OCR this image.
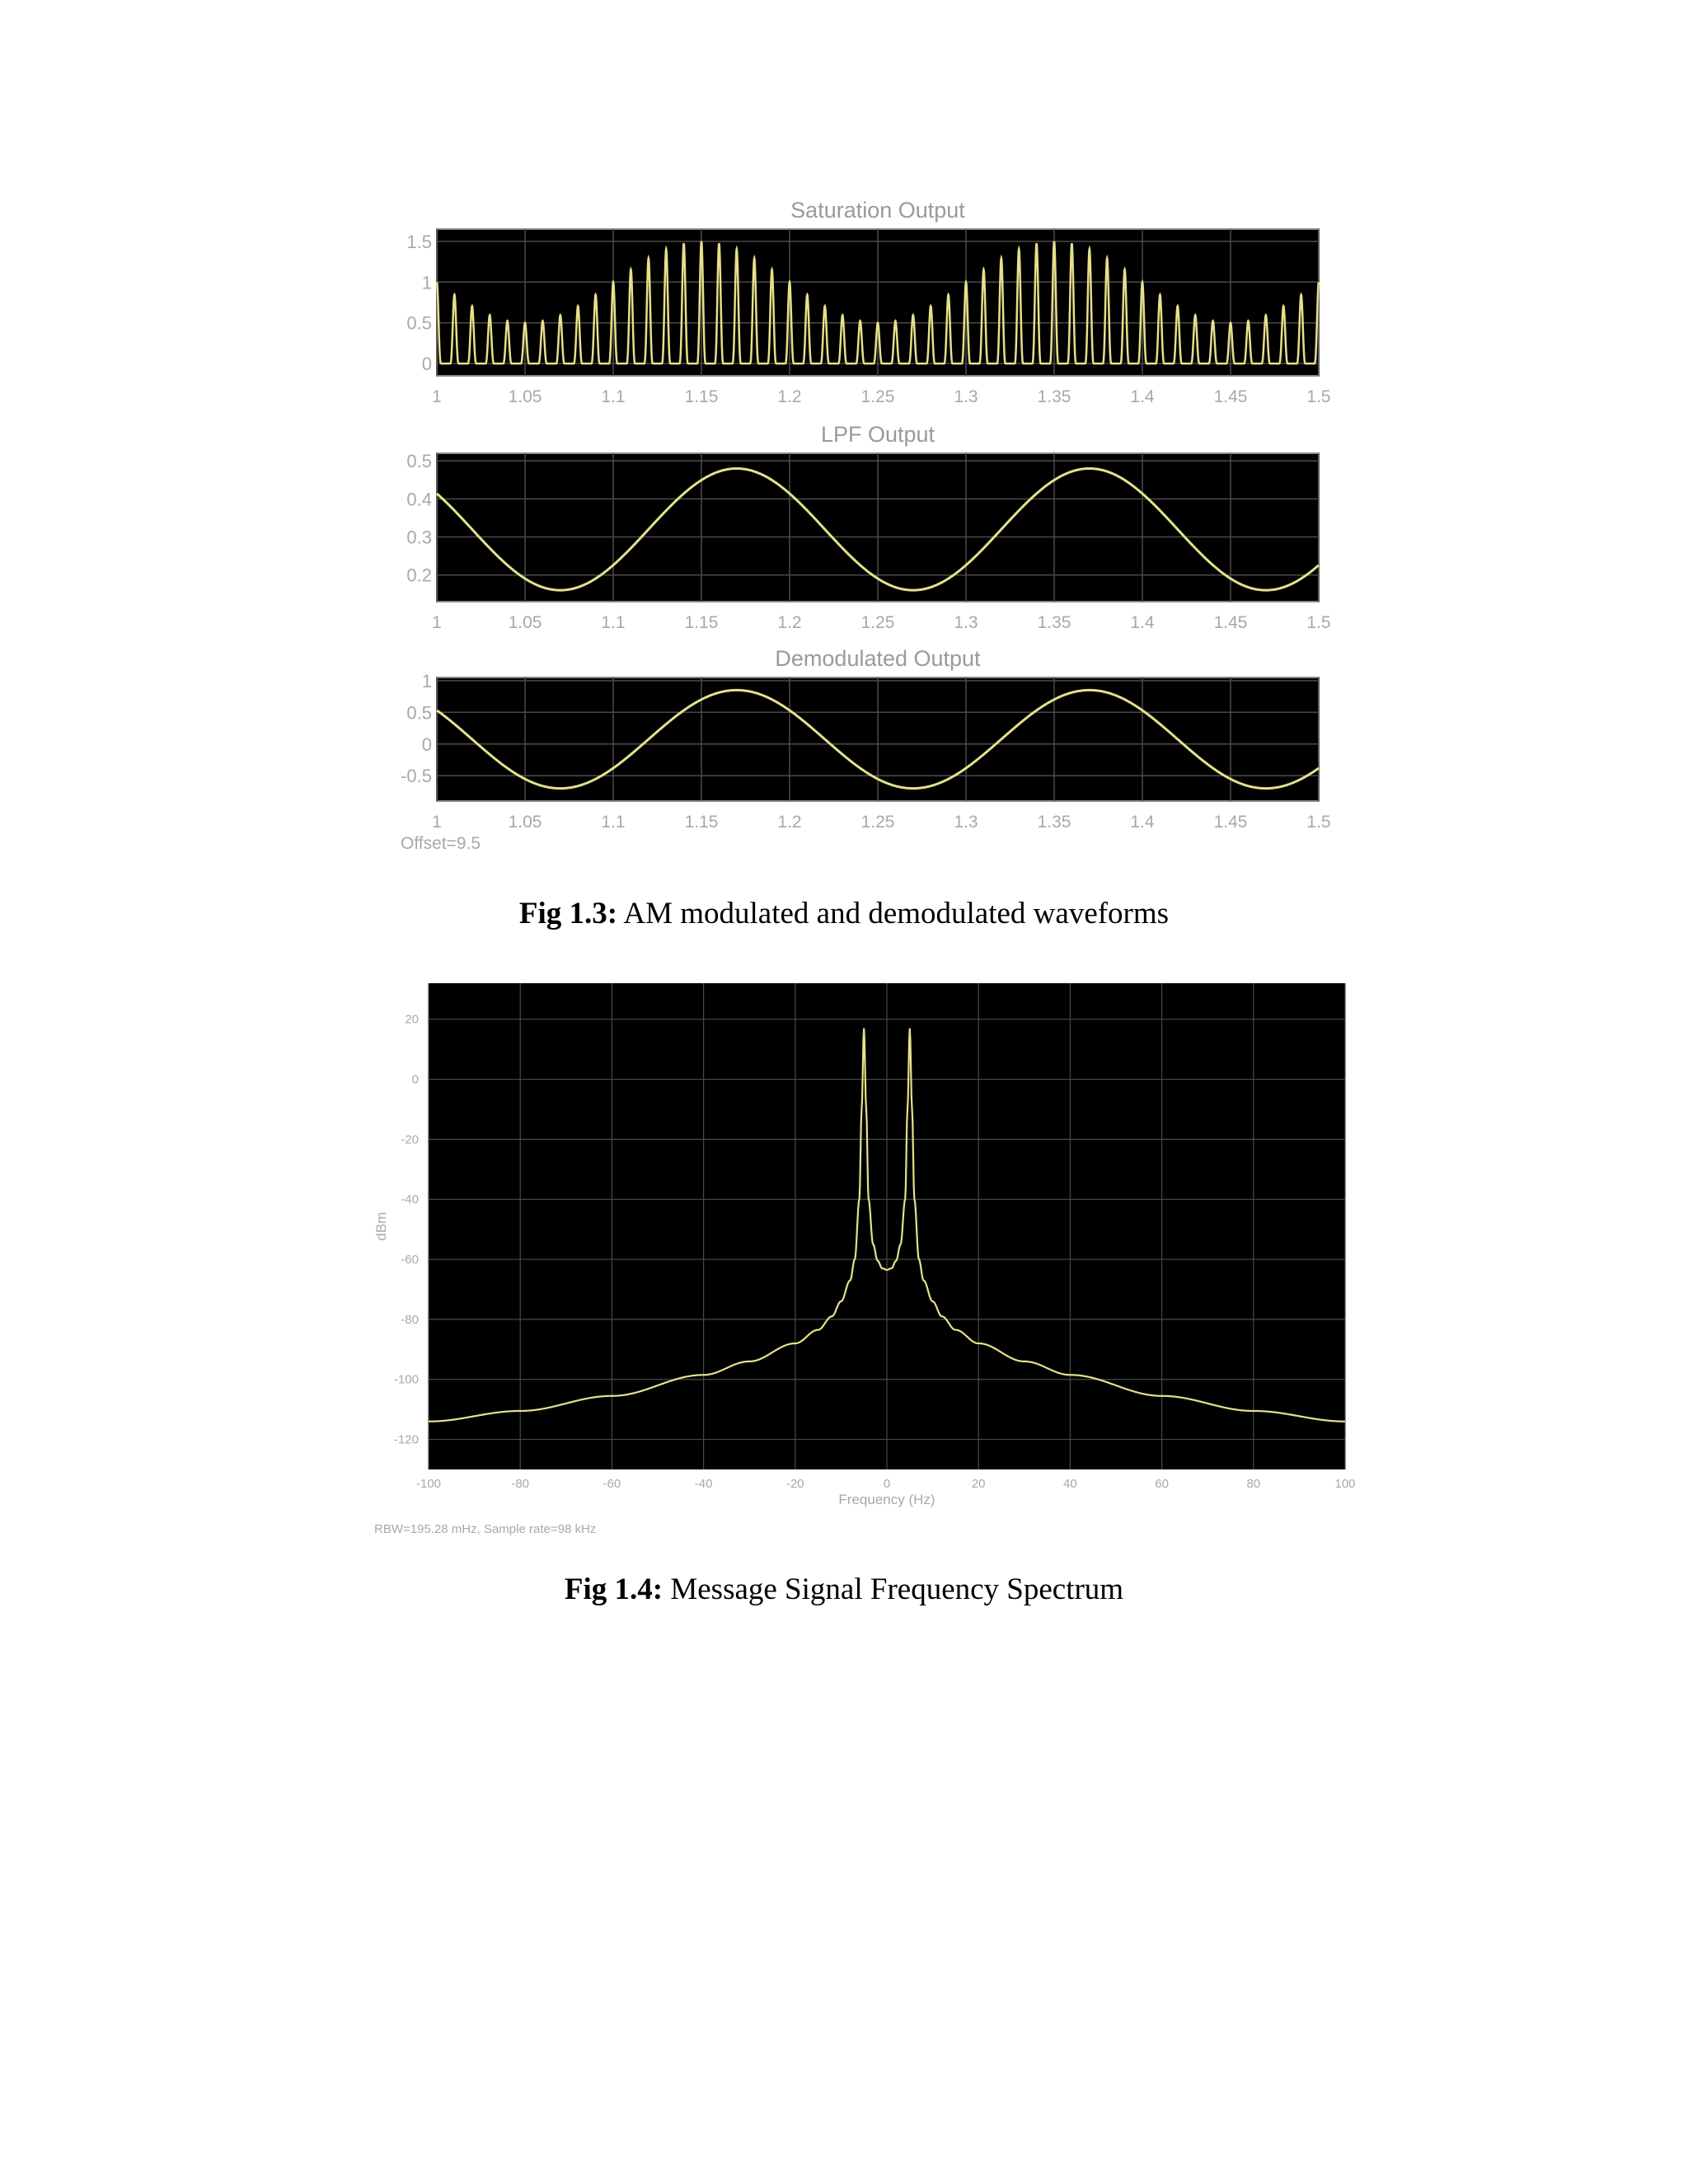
Saturation Output
1	1.05	1.1	1.15	1.2	1.25	1.3	1.35	1.4	1.45	1.5
0
0.5
1
1.5
LPF Output
1	1.05	1.1	1.15	1.2	1.25	1.3	1.35	1.4	1.45	1.5
0.2
0.3
0.4
0.5
Demodulated Output
1	1.05	1.1	1.15	1.2	1.25	1.3	1.35	1.4	1.45	1.5
-0.5
0
0.5
1
Offset=9.5
Fig 1.3: AM modulated and demodulated waveforms
-100	-80	-60	-40	-20	0	20	40	60	80	100
20
0
-20
-40
-60
-80
-100
-120
Frequency (Hz)
dBm
RBW=195.28 mHz, Sample rate=98 kHz
Fig 1.4: Message Signal Frequency Spectrum
